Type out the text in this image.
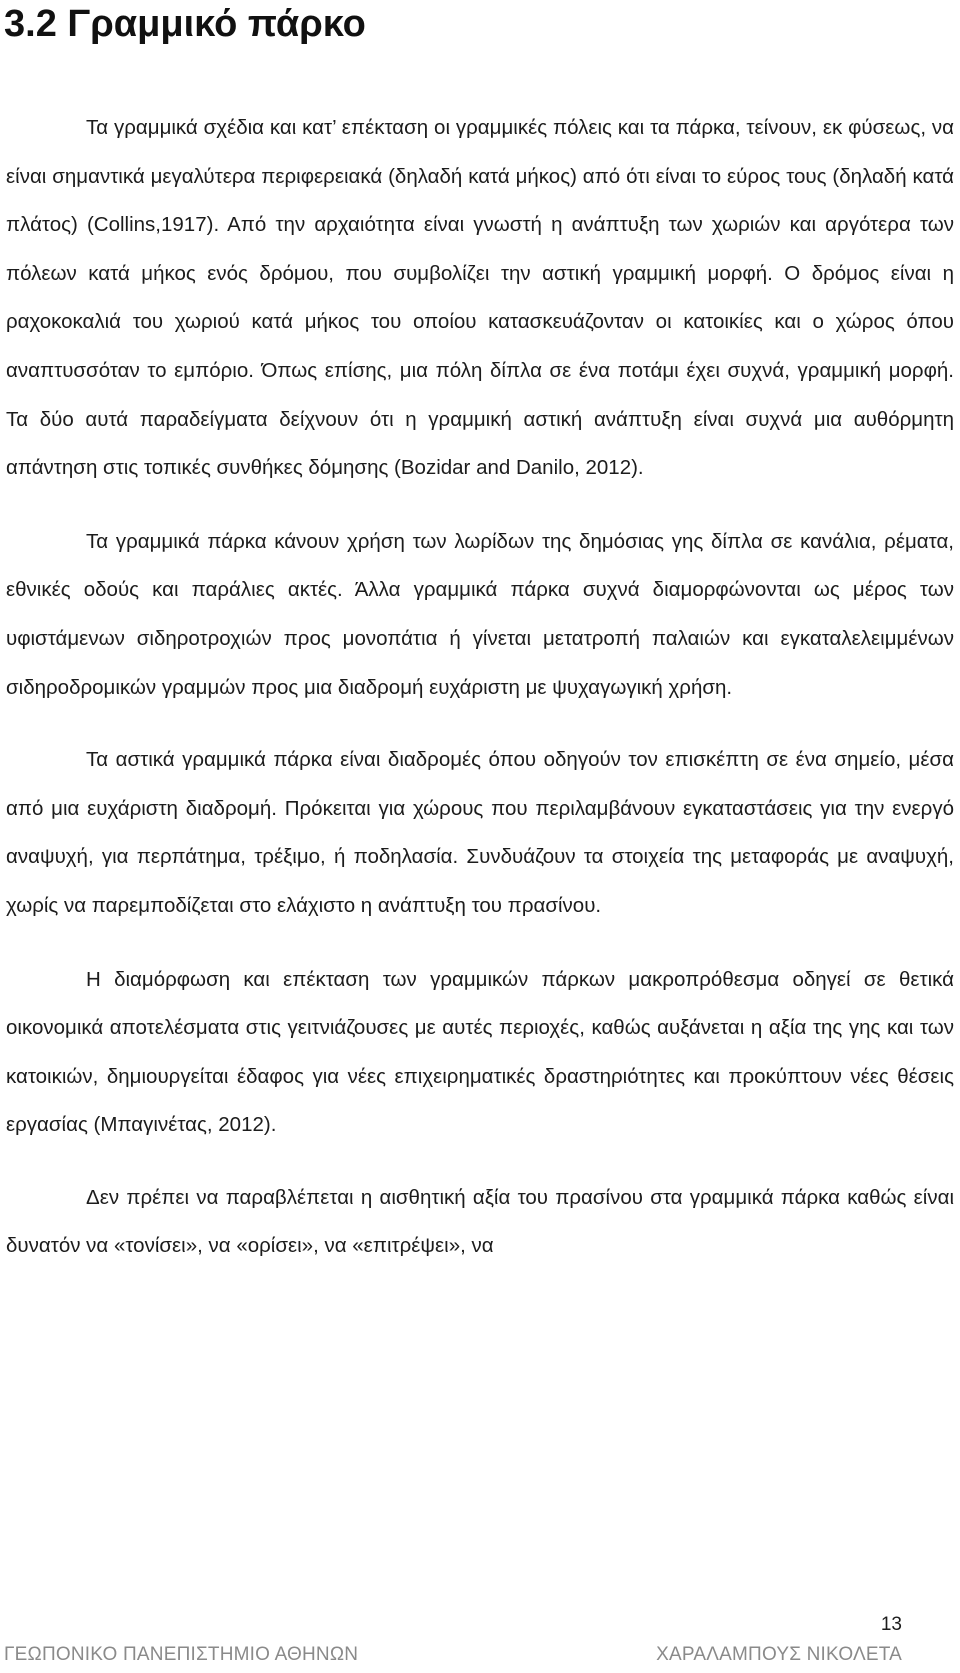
3.2 Γραμμικό πάρκο

Τα γραμμικά σχέδια και κατ’ επέκταση οι γραμμικές πόλεις και τα πάρκα, τείνουν, εκ φύσεως, να είναι σημαντικά μεγαλύτερα περιφερειακά (δηλαδή κατά μήκος) από ότι είναι το εύρος τους (δηλαδή κατά πλάτος) (Collins,1917). Από την αρχαιότητα είναι γνωστή η ανάπτυξη των χωριών και αργότερα των πόλεων κατά μήκος ενός δρόμου, που συμβολίζει την αστική γραμμική μορφή. Ο δρόμος είναι η ραχοκοκαλιά του χωριού κατά μήκος του οποίου κατασκευάζονταν οι κατοικίες και ο χώρος όπου αναπτυσσόταν το εμπόριο. Όπως επίσης, μια πόλη δίπλα σε ένα ποτάμι έχει συχνά, γραμμική μορφή. Τα δύο αυτά παραδείγματα δείχνουν ότι η γραμμική αστική ανάπτυξη είναι συχνά μια αυθόρμητη απάντηση στις τοπικές συνθήκες δόμησης (Bozidar and Danilo, 2012).

Τα γραμμικά πάρκα κάνουν χρήση των λωρίδων της δημόσιας γης δίπλα σε κανάλια, ρέματα, εθνικές οδούς και παράλιες ακτές. Άλλα γραμμικά πάρκα συχνά διαμορφώνονται ως μέρος των υφιστάμενων σιδηροτροχιών προς μονοπάτια ή γίνεται μετατροπή παλαιών και εγκαταλελειμμένων σιδηροδρομικών γραμμών προς μια διαδρομή ευχάριστη με ψυχαγωγική χρήση.

Τα αστικά γραμμικά πάρκα είναι διαδρομές όπου οδηγούν τον επισκέπτη σε ένα σημείο, μέσα από μια ευχάριστη διαδρομή. Πρόκειται για χώρους που περιλαμβάνουν εγκαταστάσεις για την ενεργό αναψυχή, για περπάτημα, τρέξιμο, ή ποδηλασία. Συνδυάζουν τα στοιχεία της μεταφοράς με αναψυχή, χωρίς να παρεμποδίζεται στο ελάχιστο η ανάπτυξη του πρασίνου.

Η διαμόρφωση και επέκταση των γραμμικών πάρκων μακροπρόθεσμα οδηγεί σε θετικά οικονομικά αποτελέσματα στις γειτνιάζουσες με αυτές περιοχές, καθώς αυξάνεται η αξία της γης και των κατοικιών, δημιουργείται έδαφος για νέες επιχειρηματικές δραστηριότητες και προκύπτουν νέες θέσεις εργασίας (Μπαγινέτας, 2012).

Δεν πρέπει να παραβλέπεται η αισθητική αξία του πρασίνου στα γραμμικά πάρκα καθώς είναι δυνατόν να «τονίσει», να «ορίσει», να «επιτρέψει», να

13
ΓΕΩΠΟΝΙΚΟ ΠΑΝΕΠΙΣΤΗΜΙΟ ΑΘΗΝΩΝ	ΧΑΡΑΛΑΜΠΟΥΣ ΝΙΚΟΛΕΤΑ
